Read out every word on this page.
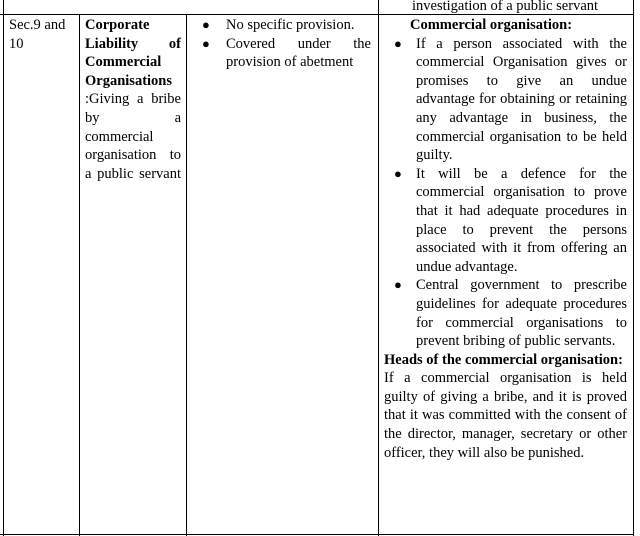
investigation of a public servant
Sec.9 and 10
Corporate Liability of Commercial Organisations :Giving a bribe by a commercial organisation to a public servant
●	No specific provision.
●	Covered under the provision of abetment

Commercial organisation:

● If a person associated with the commercial Organisation gives or promises to give an undue advantage for obtaining or retaining any advantage in business, the commercial organisation to be held guilty.
● It will be a defence for the commercial organisation to prove that it had adequate procedures in place to prevent the persons associated with it from offering an undue advantage.
● Central government to prescribe guidelines for adequate procedures for commercial organisations to prevent bribing of public servants.

Heads of the commercial organisation:

If a commercial organisation is held guilty of giving a bribe, and it is proved that it was committed with the consent of the director, manager, secretary or other officer, they will also be punished.
